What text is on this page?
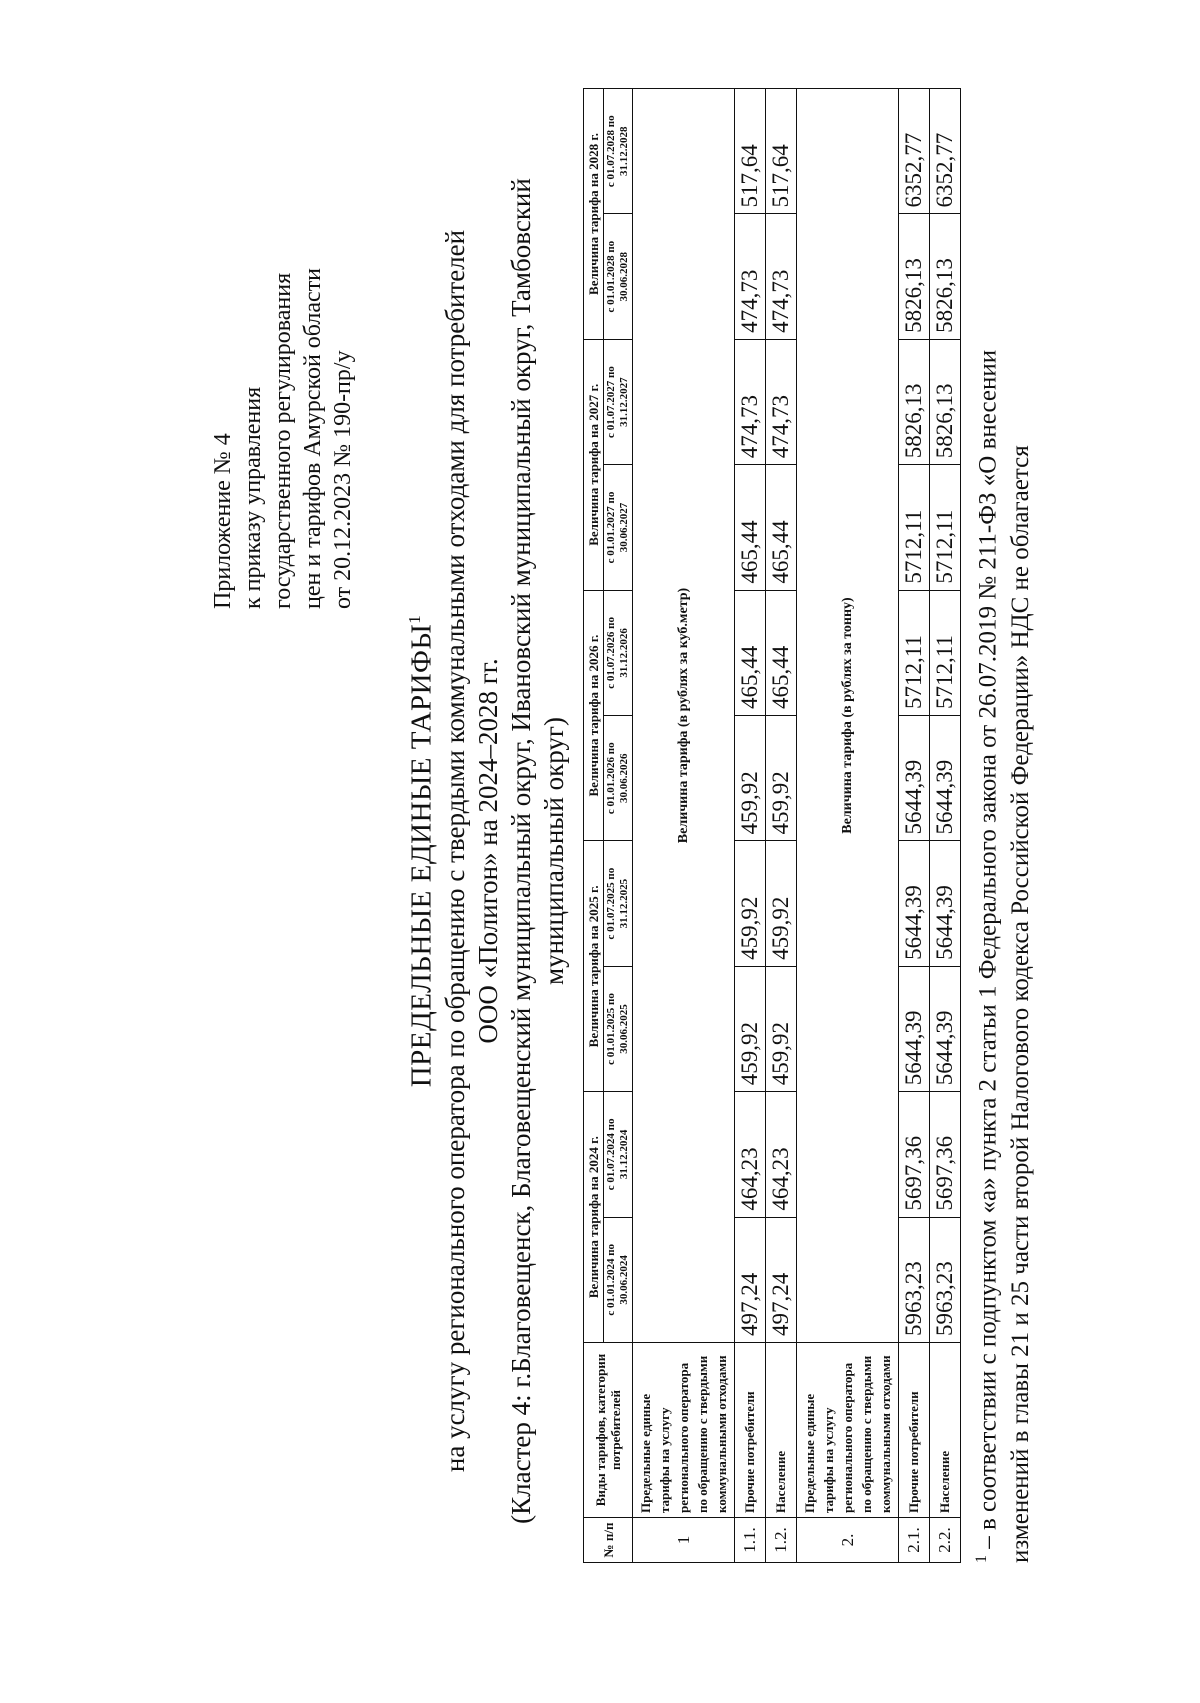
Приложение № 4 к приказу управления государственного регулирования цен и тарифов Амурской области от 20.12.2023 № 190-пр/у
ПРЕДЕЛЬНЫЕ ЕДИНЫЕ ТАРИФЫ$^1$ на услугу регионального оператора по обращению с твердыми коммунальными отходами для потребителей ООО «Полигон» на 2024–2028 гг. (Кластер 4: г.Благовещенск, Благовещенский муниципальный округ, Ивановский муниципальный округ, Тамбовский муниципальный округ)
№ п/п	Виды тарифов, категории потребителей	Величина тарифа на 2024 г.		Величина тарифа на 2025 г.		Величина тарифа на 2026 г.		Величина тарифа на 2027 г.		Величина тарифа на 2028 г.	
		с 01.01.2024 по 30.06.2024	с 01.07.2024 по 31.12.2024	с 01.01.2025 по 30.06.2025	с 01.07.2025 по 31.12.2025	с 01.01.2026 по 30.06.2026	с 01.07.2026 по 31.12.2026	с 01.01.2027 по 30.06.2027	с 01.07.2027 по 31.12.2027	с 01.01.2028 по 30.06.2028	с 01.07.2028 по 31.12.2028
1	Предельные единые тарифы на услугу регионального оператора по обращению с твердыми коммунальными отходами	Величина тарифа (в рублях за куб.метр)									
1.1.	Прочие потребители	497,24	464,23	459,92	459,92	459,92	465,44	465,44	474,73	474,73	517,64
1.2.	Население	497,24	464,23	459,92	459,92	459,92	465,44	465,44	474,73	474,73	517,64
2.	Предельные единые тарифы на услугу регионального оператора по обращению с твердыми коммунальными отходами	Величина тарифа (в рублях за тонну)									
2.1.	Прочие потребители	5963,23	5697,36	5644,39	5644,39	5644,39	5712,11	5712,11	5826,13	5826,13	6352,77
2.2.	Население	5963,23	5697,36	5644,39	5644,39	5644,39	5712,11	5712,11	5826,13	5826,13	6352,77
$^1$ – в соответствии с подпунктом «а» пункта 2 статьи 1 Федерального закона от 26.07.2019 № 211-ФЗ «О внесении изменений в главы 21 и 25 части второй Налогового кодекса Российской Федерации» НДС не облагается
